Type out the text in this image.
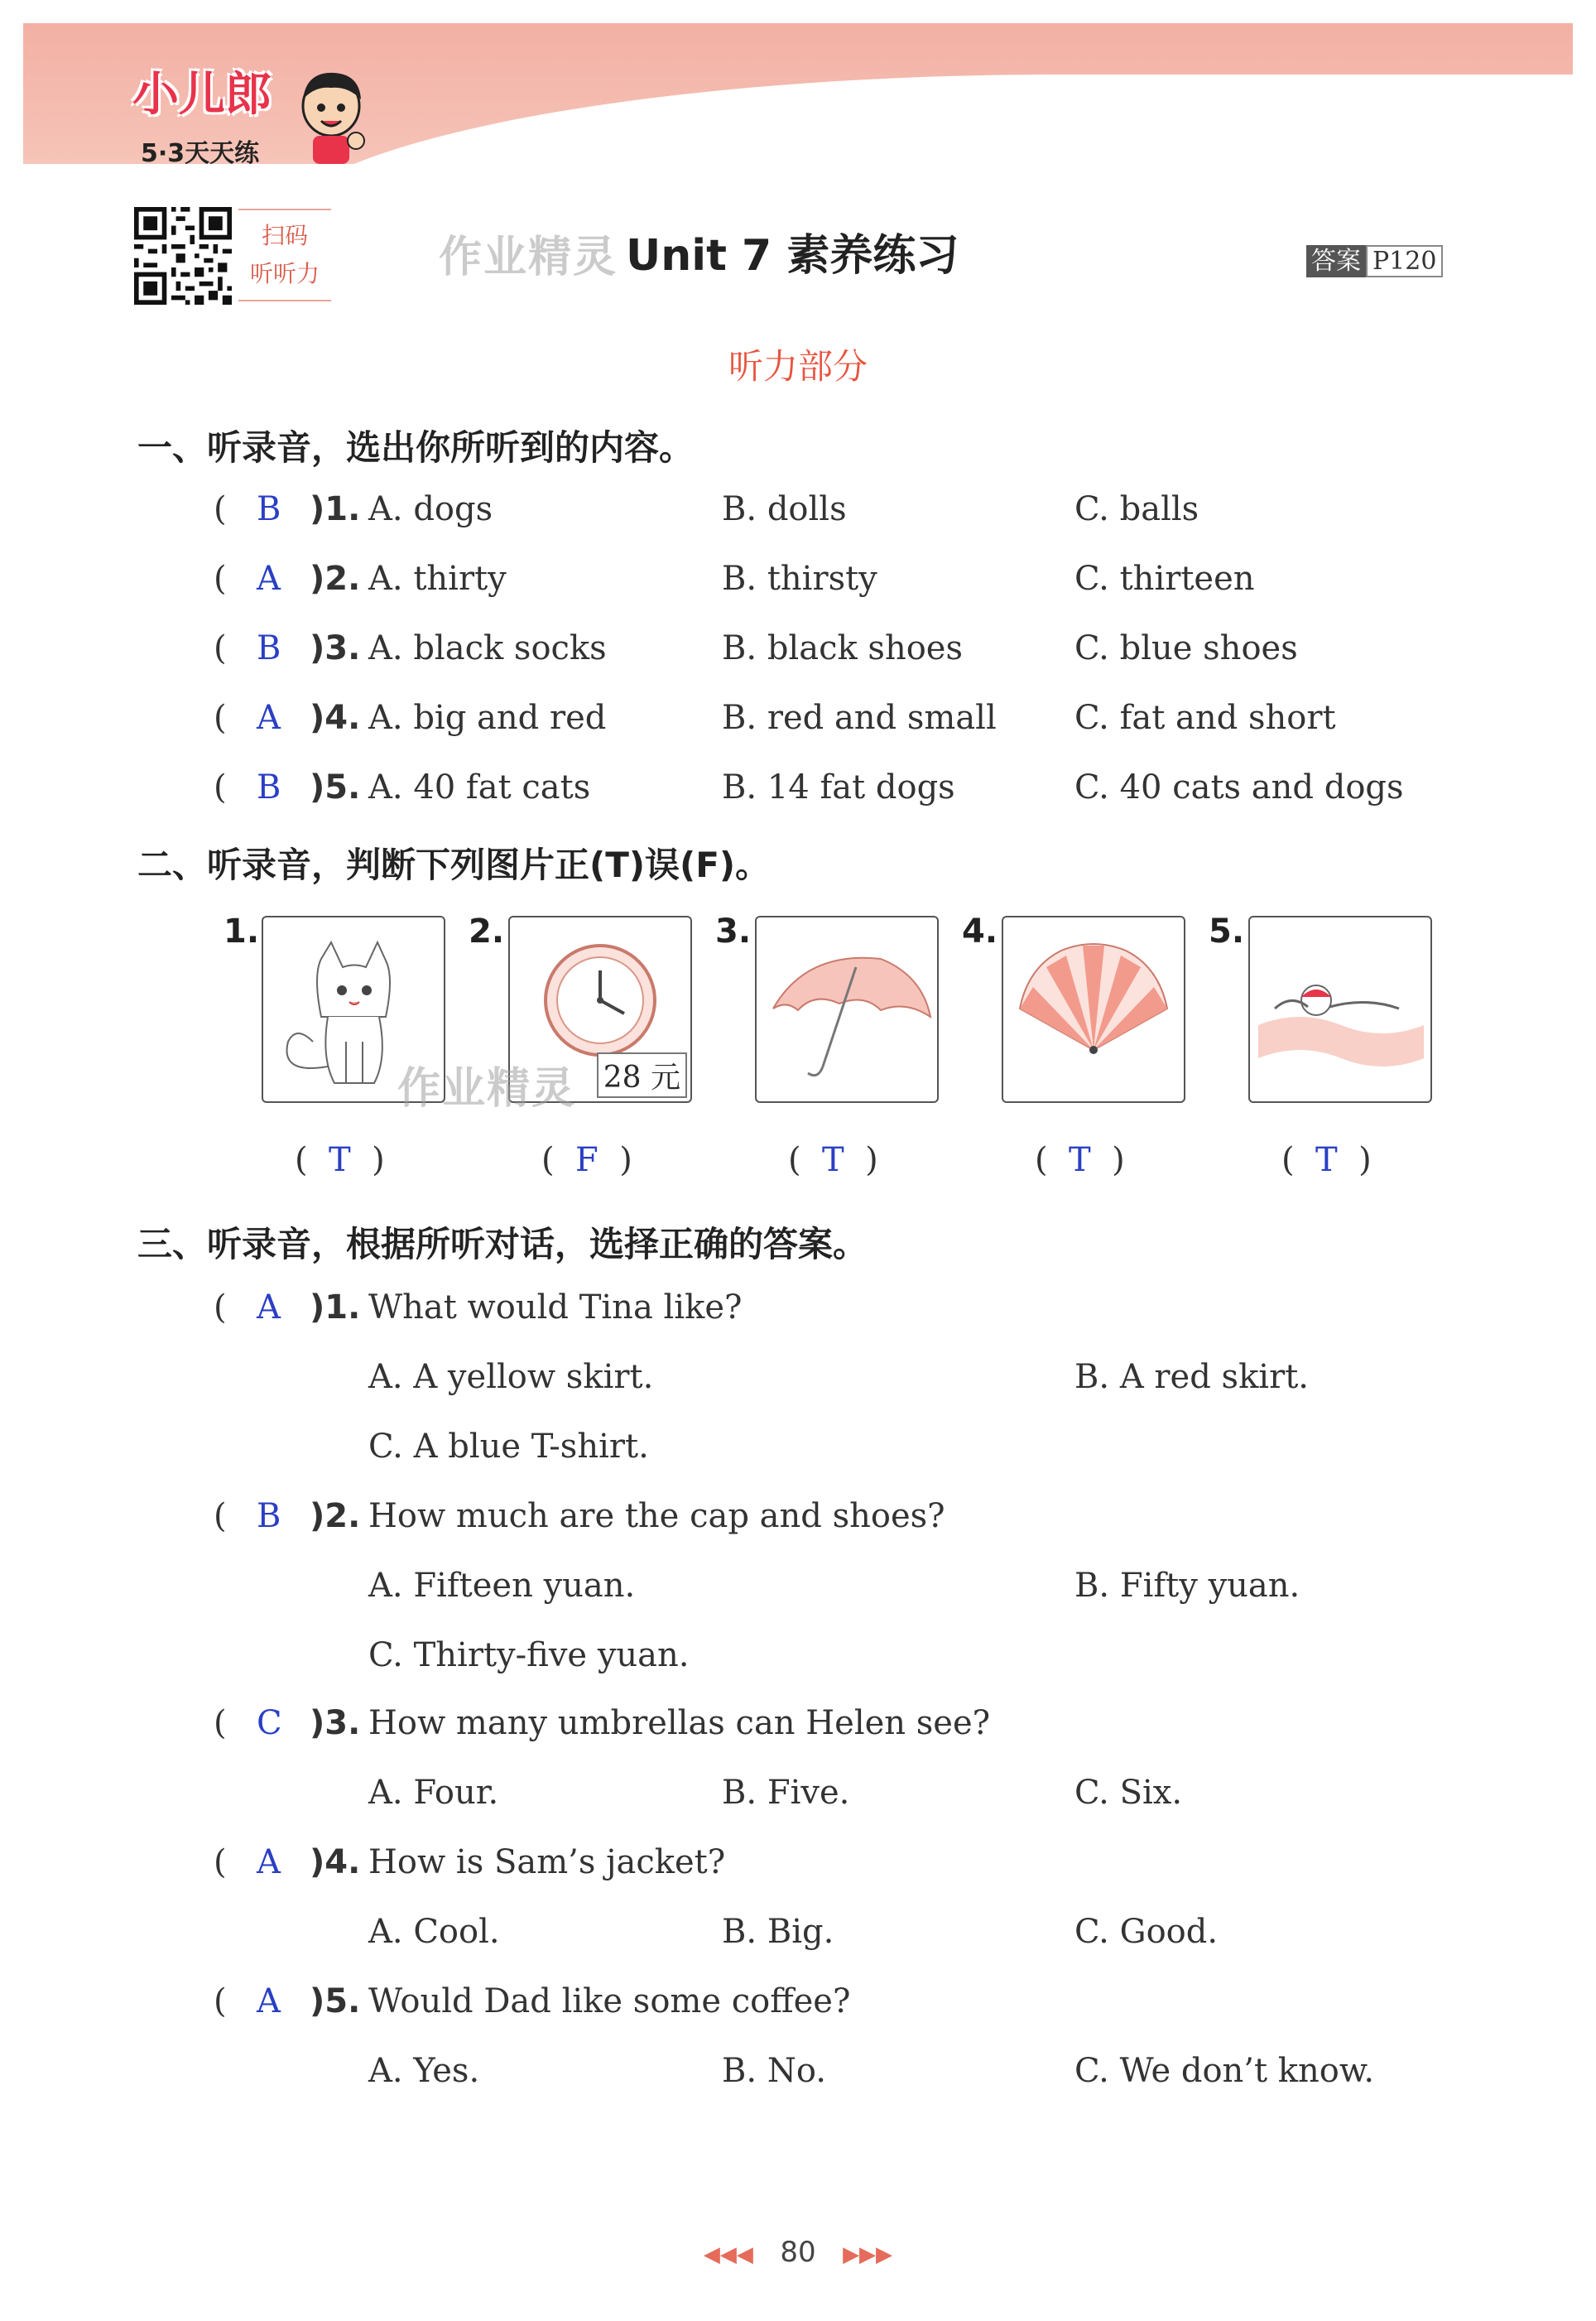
小儿郎
5·3天天练
扫码
听听力	作业精灵 Unit 7 素养练习	答案 P120
听力部分
一、听录音，选出你所听到的内容。
( B )1. A. dogs	B. dolls	C. balls
( A )2. A. thirty	B. thirsty	C. thirteen
( B )3. A. black socks	B. black shoes	C. blue shoes
( A )4. A. big and red	B. red and small C. fat and short
( B )5. A. 40 fat cats	B. 14 fat dogs	C. 40 cats and dogs
二、听录音，判断下列图片正(T)误(F)。
1.
( T )
2.
28 元
作业精灵
( F )
3.
( T )
4.
( T )
5.
( T )
三、听录音，根据所听对话，选择正确的答案。
( A )1. What would Tina like?
A. A yellow skirt.	B. A red skirt.
C. A blue T-shirt.
( B )2. How much are the cap and shoes?
A. Fifteen yuan.	B. Fifty yuan.
C. Thirty-five yuan.
( C )3. How many umbrellas can Helen see?
A. Four.	B. Five.	C. Six.
( A )4. How is Sam’s jacket?
A. Cool.	B. Big.	C. Good.
( A )5. Would Dad like some coffee?
A. Yes.	B. No.	C. We don’t know.
◀◀◀ 80 ▶▶▶
